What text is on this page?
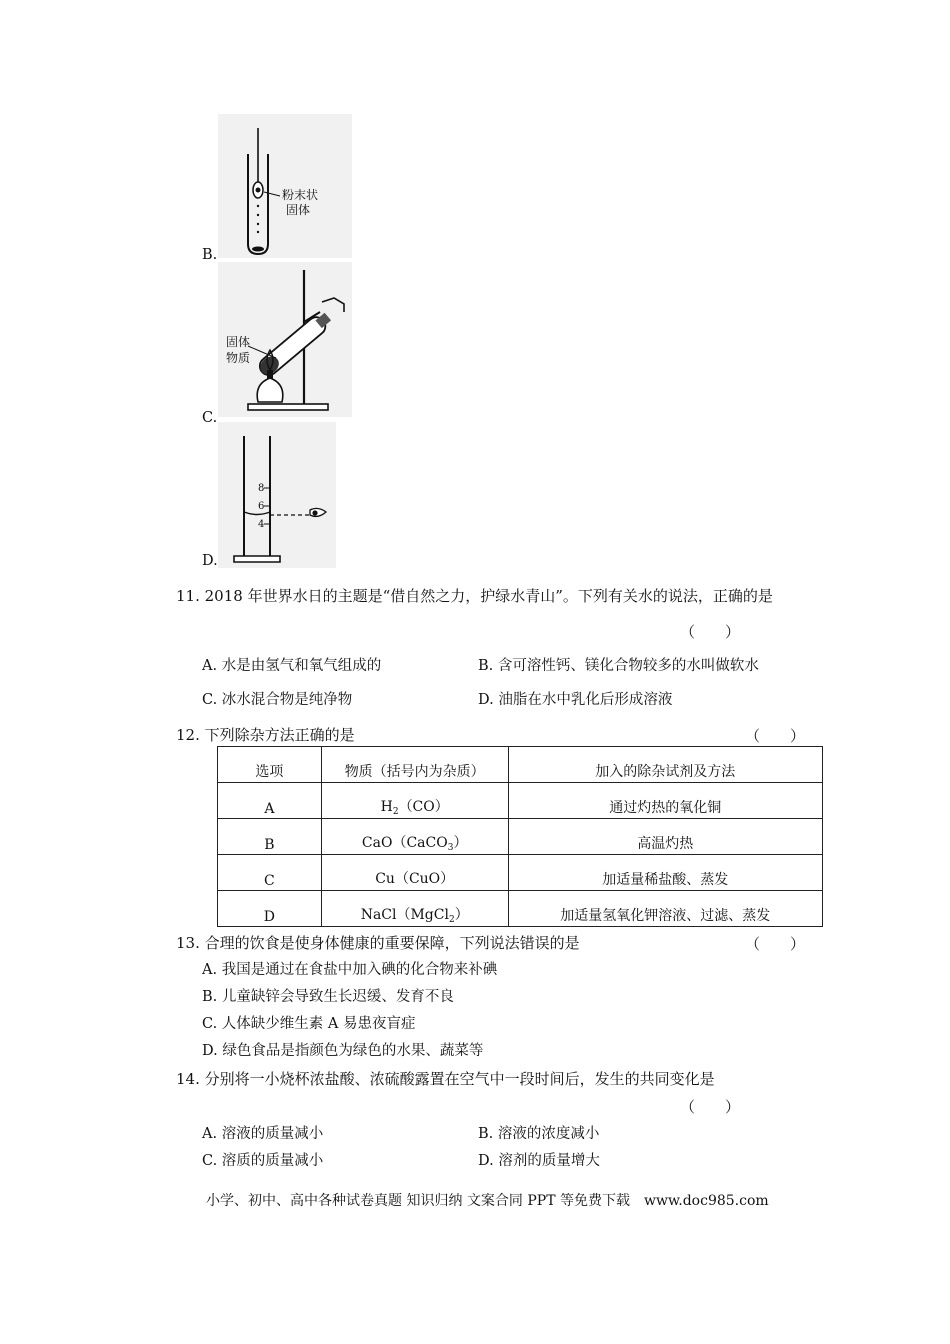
粉末状
固体
B.
固体
物质
C.
8
6
4
D.
11. 2018 年世界水日的主题是“借自然之力，护绿水青山”。下列有关水的说法，正确的是
（　　）
A. 水是由氢气和氧气组成的	B. 含可溶性钙、镁化合物较多的水叫做软水
C. 冰水混合物是纯净物	D. 油脂在水中乳化后形成溶液
12. 下列除杂方法正确的是	（　　）
选项	物质（括号内为杂质）	加入的除杂试剂及方法
A	$H_2(CO)$	通过灼热的氧化铜
B	CaO（CaCO$_3$）	高温灼热
C	Cu（CuO）	加适量稀盐酸、蒸发
D	NaCl（MgCl$_2$）	加适量氢氧化钾溶液、过滤、蒸发
13. 合理的饮食是使身体健康的重要保障，下列说法错误的是	（　　）
A. 我国是通过在食盐中加入碘的化合物来补碘
B. 儿童缺锌会导致生长迟缓、发育不良
C. 人体缺少维生素 A 易患夜盲症
D. 绿色食品是指颜色为绿色的水果、蔬菜等
14. 分别将一小烧杯浓盐酸、浓硫酸露置在空气中一段时间后，发生的共同变化是
（　　）
A. 溶液的质量减小	B. 溶液的浓度减小
C. 溶质的质量减小	D. 溶剂的质量增大
小学、初中、高中各种试卷真题 知识归纳 文案合同 PPT 等免费下载　www.doc985.com
